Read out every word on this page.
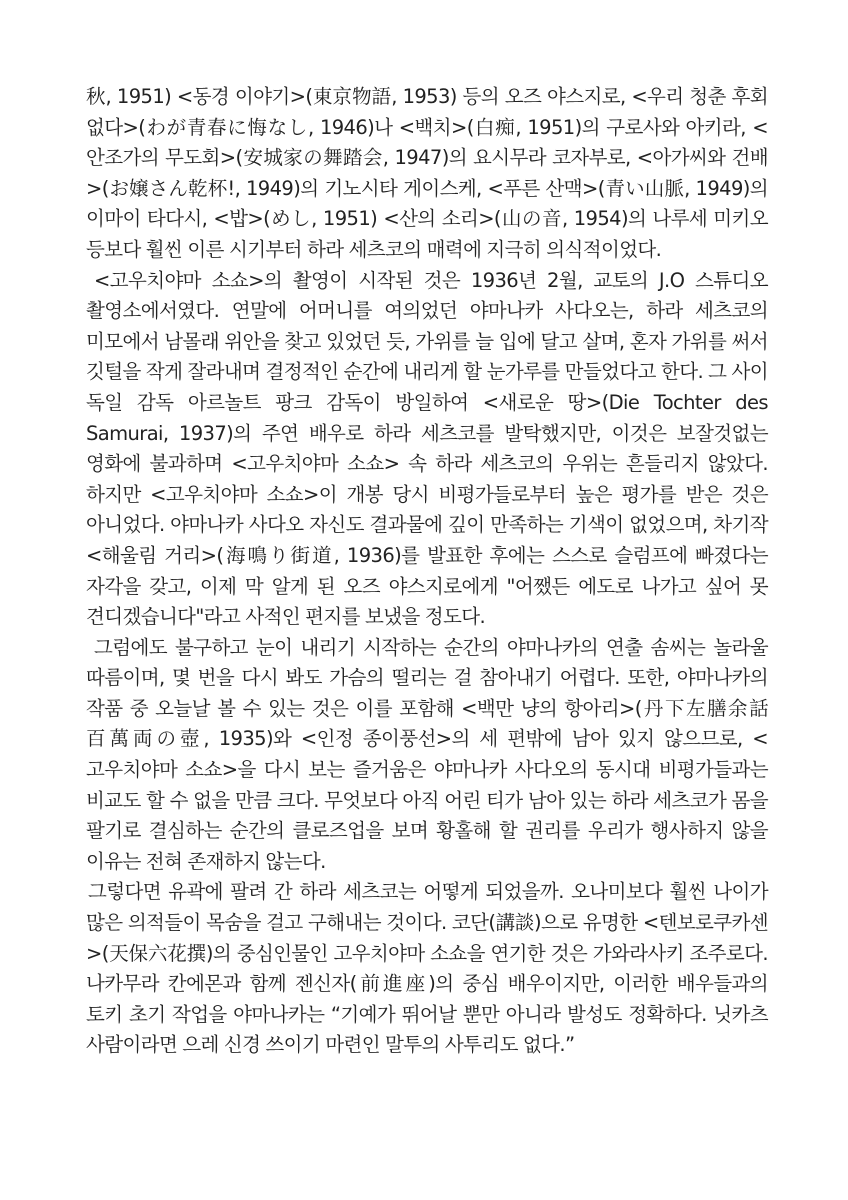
秋, 1951) <동경 이야기>(東京物語, 1953) 등의 오즈 야스지로, <우리 청춘 후회 없다>(わが青春に悔なし, 1946)나 <백치>(白痴, 1951)의 구로사와 아키라, <안조가의 무도회>(安城家の舞踏会, 1947)의 요시무라 코자부로, <아가씨와 건배>(お嬢さん乾杯!, 1949)의 기노시타 게이스케, <푸른 산맥>(青い山脈, 1949)의 이마이 타다시, <밥>(めし, 1951) <산의 소리>(山の音, 1954)의 나루세 미키오 등보다 훨씬 이른 시기부터 하라 세츠코의 매력에 지극히 의식적이었다.

<고우치야마 소쇼>의 촬영이 시작된 것은 1936년 2월, 교토의 J.O 스튜디오 촬영소에서였다. 연말에 어머니를 여의었던 야마나카 사다오는, 하라 세츠코의 미모에서 남몰래 위안을 찾고 있었던 듯, 가위를 늘 입에 달고 살며, 혼자 가위를 써서 깃털을 작게 잘라내며 결정적인 순간에 내리게 할 눈가루를 만들었다고 한다. 그 사이 독일 감독 아르놀트 팡크 감독이 방일하여 <새로운 땅>(Die Tochter des Samurai, 1937)의 주연 배우로 하라 세츠코를 발탁했지만, 이것은 보잘것없는 영화에 불과하며 <고우치야마 소쇼> 속 하라 세츠코의 우위는 흔들리지 않았다. 하지만 <고우치야마 소쇼>이 개봉 당시 비평가들로부터 높은 평가를 받은 것은 아니었다. 야마나카 사다오 자신도 결과물에 깊이 만족하는 기색이 없었으며, 차기작 <해울림 거리>(海鳴り街道, 1936)를 발표한 후에는 스스로 슬럼프에 빠졌다는 자각을 갖고, 이제 막 알게 된 오즈 야스지로에게 "어쨌든 에도로 나가고 싶어 못 견디겠습니다"라고 사적인 편지를 보냈을 정도다.

그럼에도 불구하고 눈이 내리기 시작하는 순간의 야마나카의 연출 솜씨는 놀라울 따름이며, 몇 번을 다시 봐도 가슴의 떨리는 걸 참아내기 어렵다. 또한, 야마나카의 작품 중 오늘날 볼 수 있는 것은 이를 포함해 <백만 냥의 항아리>(丹下左膳余話 百萬両の壺, 1935)와 <인정 종이풍선>의 세 편밖에 남아 있지 않으므로, <고우치야마 소쇼>을 다시 보는 즐거움은 야마나카 사다오의 동시대 비평가들과는 비교도 할 수 없을 만큼 크다. 무엇보다 아직 어린 티가 남아 있는 하라 세츠코가 몸을 팔기로 결심하는 순간의 클로즈업을 보며 황홀해 할 권리를 우리가 행사하지 않을 이유는 전혀 존재하지 않는다.

그렇다면 유곽에 팔려 간 하라 세츠코는 어떻게 되었을까. 오나미보다 훨씬 나이가 많은 의적들이 목숨을 걸고 구해내는 것이다. 코단(講談)으로 유명한 <텐보로쿠카센>(天保六花撰)의 중심인물인 고우치야마 소쇼을 연기한 것은 가와라사키 조주로다. 나카무라 칸에몬과 함께 젠신자(前進座)의 중심 배우이지만, 이러한 배우들과의 토키 초기 작업을 야마나카는 “기예가 뛰어날 뿐만 아니라 발성도 정확하다. 닛카츠 사람이라면 으레 신경 쓰이기 마련인 말투의 사투리도 없다.”
